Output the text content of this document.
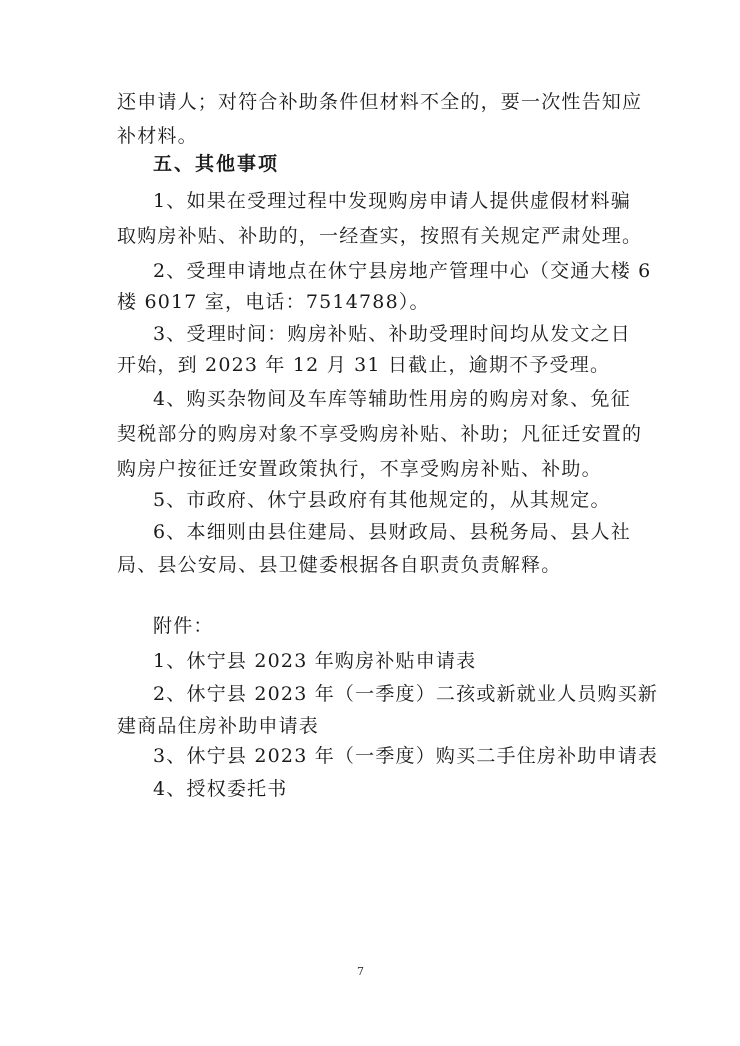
还申请人；对符合补助条件但材料不全的，要一次性告知应
补材料。
五、其他事项
1、如果在受理过程中发现购房申请人提供虚假材料骗
取购房补贴、补助的，一经查实，按照有关规定严肃处理。
2、受理申请地点在休宁县房地产管理中心（交通大楼 6
楼 6017 室，电话：7514788）。
3、受理时间：购房补贴、补助受理时间均从发文之日
开始，到 2023 年 12 月 31 日截止，逾期不予受理。
4、购买杂物间及车库等辅助性用房的购房对象、免征
契税部分的购房对象不享受购房补贴、补助；凡征迁安置的
购房户按征迁安置政策执行，不享受购房补贴、补助。
5、市政府、休宁县政府有其他规定的，从其规定。
6、本细则由县住建局、县财政局、县税务局、县人社
局、县公安局、县卫健委根据各自职责负责解释。
附件：
1、休宁县 2023 年购房补贴申请表
2、休宁县 2023 年（一季度）二孩或新就业人员购买新
建商品住房补助申请表
3、休宁县 2023 年（一季度）购买二手住房补助申请表
4、授权委托书
7
